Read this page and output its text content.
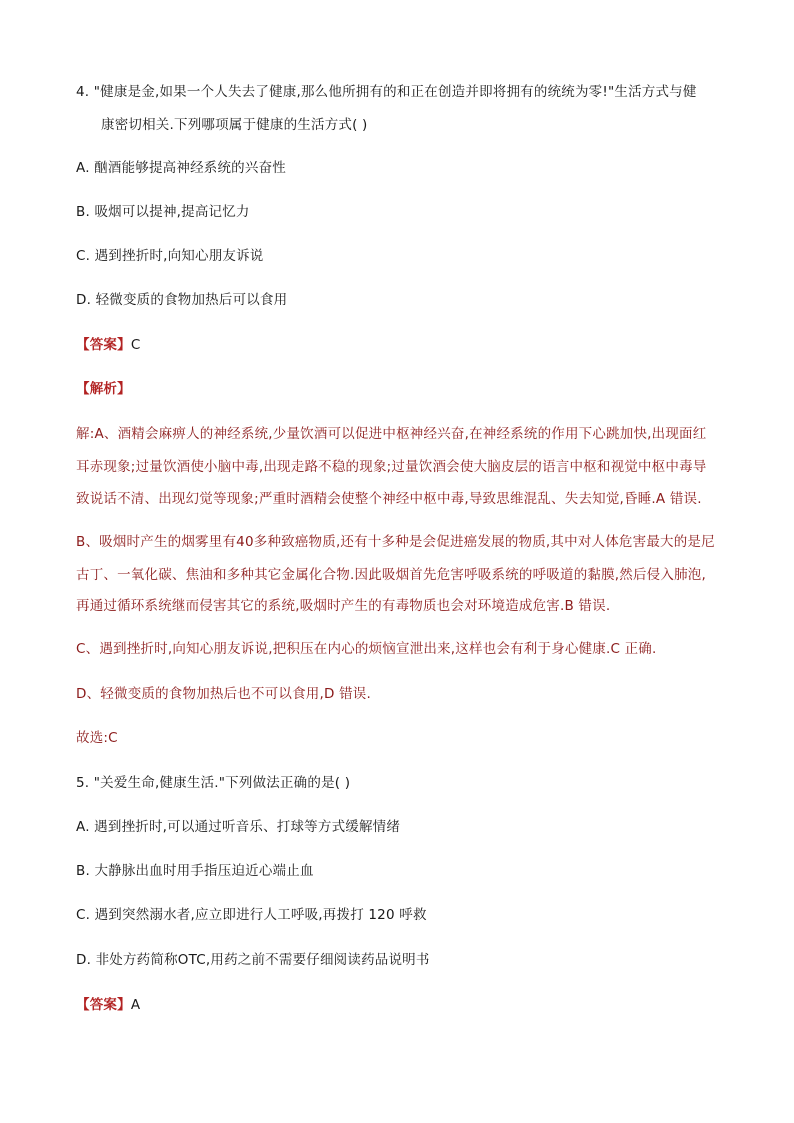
4. "健康是金,如果一个人失去了健康,那么他所拥有的和正在创造并即将拥有的统统为零!"生活方式与健
康密切相关.下列哪项属于健康的生活方式( )
A. 酗酒能够提高神经系统的兴奋性
B. 吸烟可以提神,提高记忆力
C. 遇到挫折时,向知心朋友诉说
D. 轻微变质的食物加热后可以食用
【答案】C
【解析】
解:A、酒精会麻痹人的神经系统,少量饮酒可以促进中枢神经兴奋,在神经系统的作用下心跳加快,出现面红
耳赤现象;过量饮酒使小脑中毒,出现走路不稳的现象;过量饮酒会使大脑皮层的语言中枢和视觉中枢中毒导
致说话不清、出现幻觉等现象;严重时酒精会使整个神经中枢中毒,导致思维混乱、失去知觉,昏睡.A 错误.
B、吸烟时产生的烟雾里有40多种致癌物质,还有十多种是会促进癌发展的物质,其中对人体危害最大的是尼
古丁、一氧化碳、焦油和多种其它金属化合物.因此吸烟首先危害呼吸系统的呼吸道的黏膜,然后侵入肺泡,
再通过循环系统继而侵害其它的系统,吸烟时产生的有毒物质也会对环境造成危害.B 错误.
C、遇到挫折时,向知心朋友诉说,把积压在内心的烦恼宣泄出来,这样也会有利于身心健康.C 正确.
D、轻微变质的食物加热后也不可以食用,D 错误.
故选:C
5. "关爱生命,健康生活."下列做法正确的是( )
A. 遇到挫折时,可以通过听音乐、打球等方式缓解情绪
B. 大静脉出血时用手指压迫近心端止血
C. 遇到突然溺水者,应立即进行人工呼吸,再拨打 120 呼救
D. 非处方药简称OTC,用药之前不需要仔细阅读药品说明书
【答案】A
